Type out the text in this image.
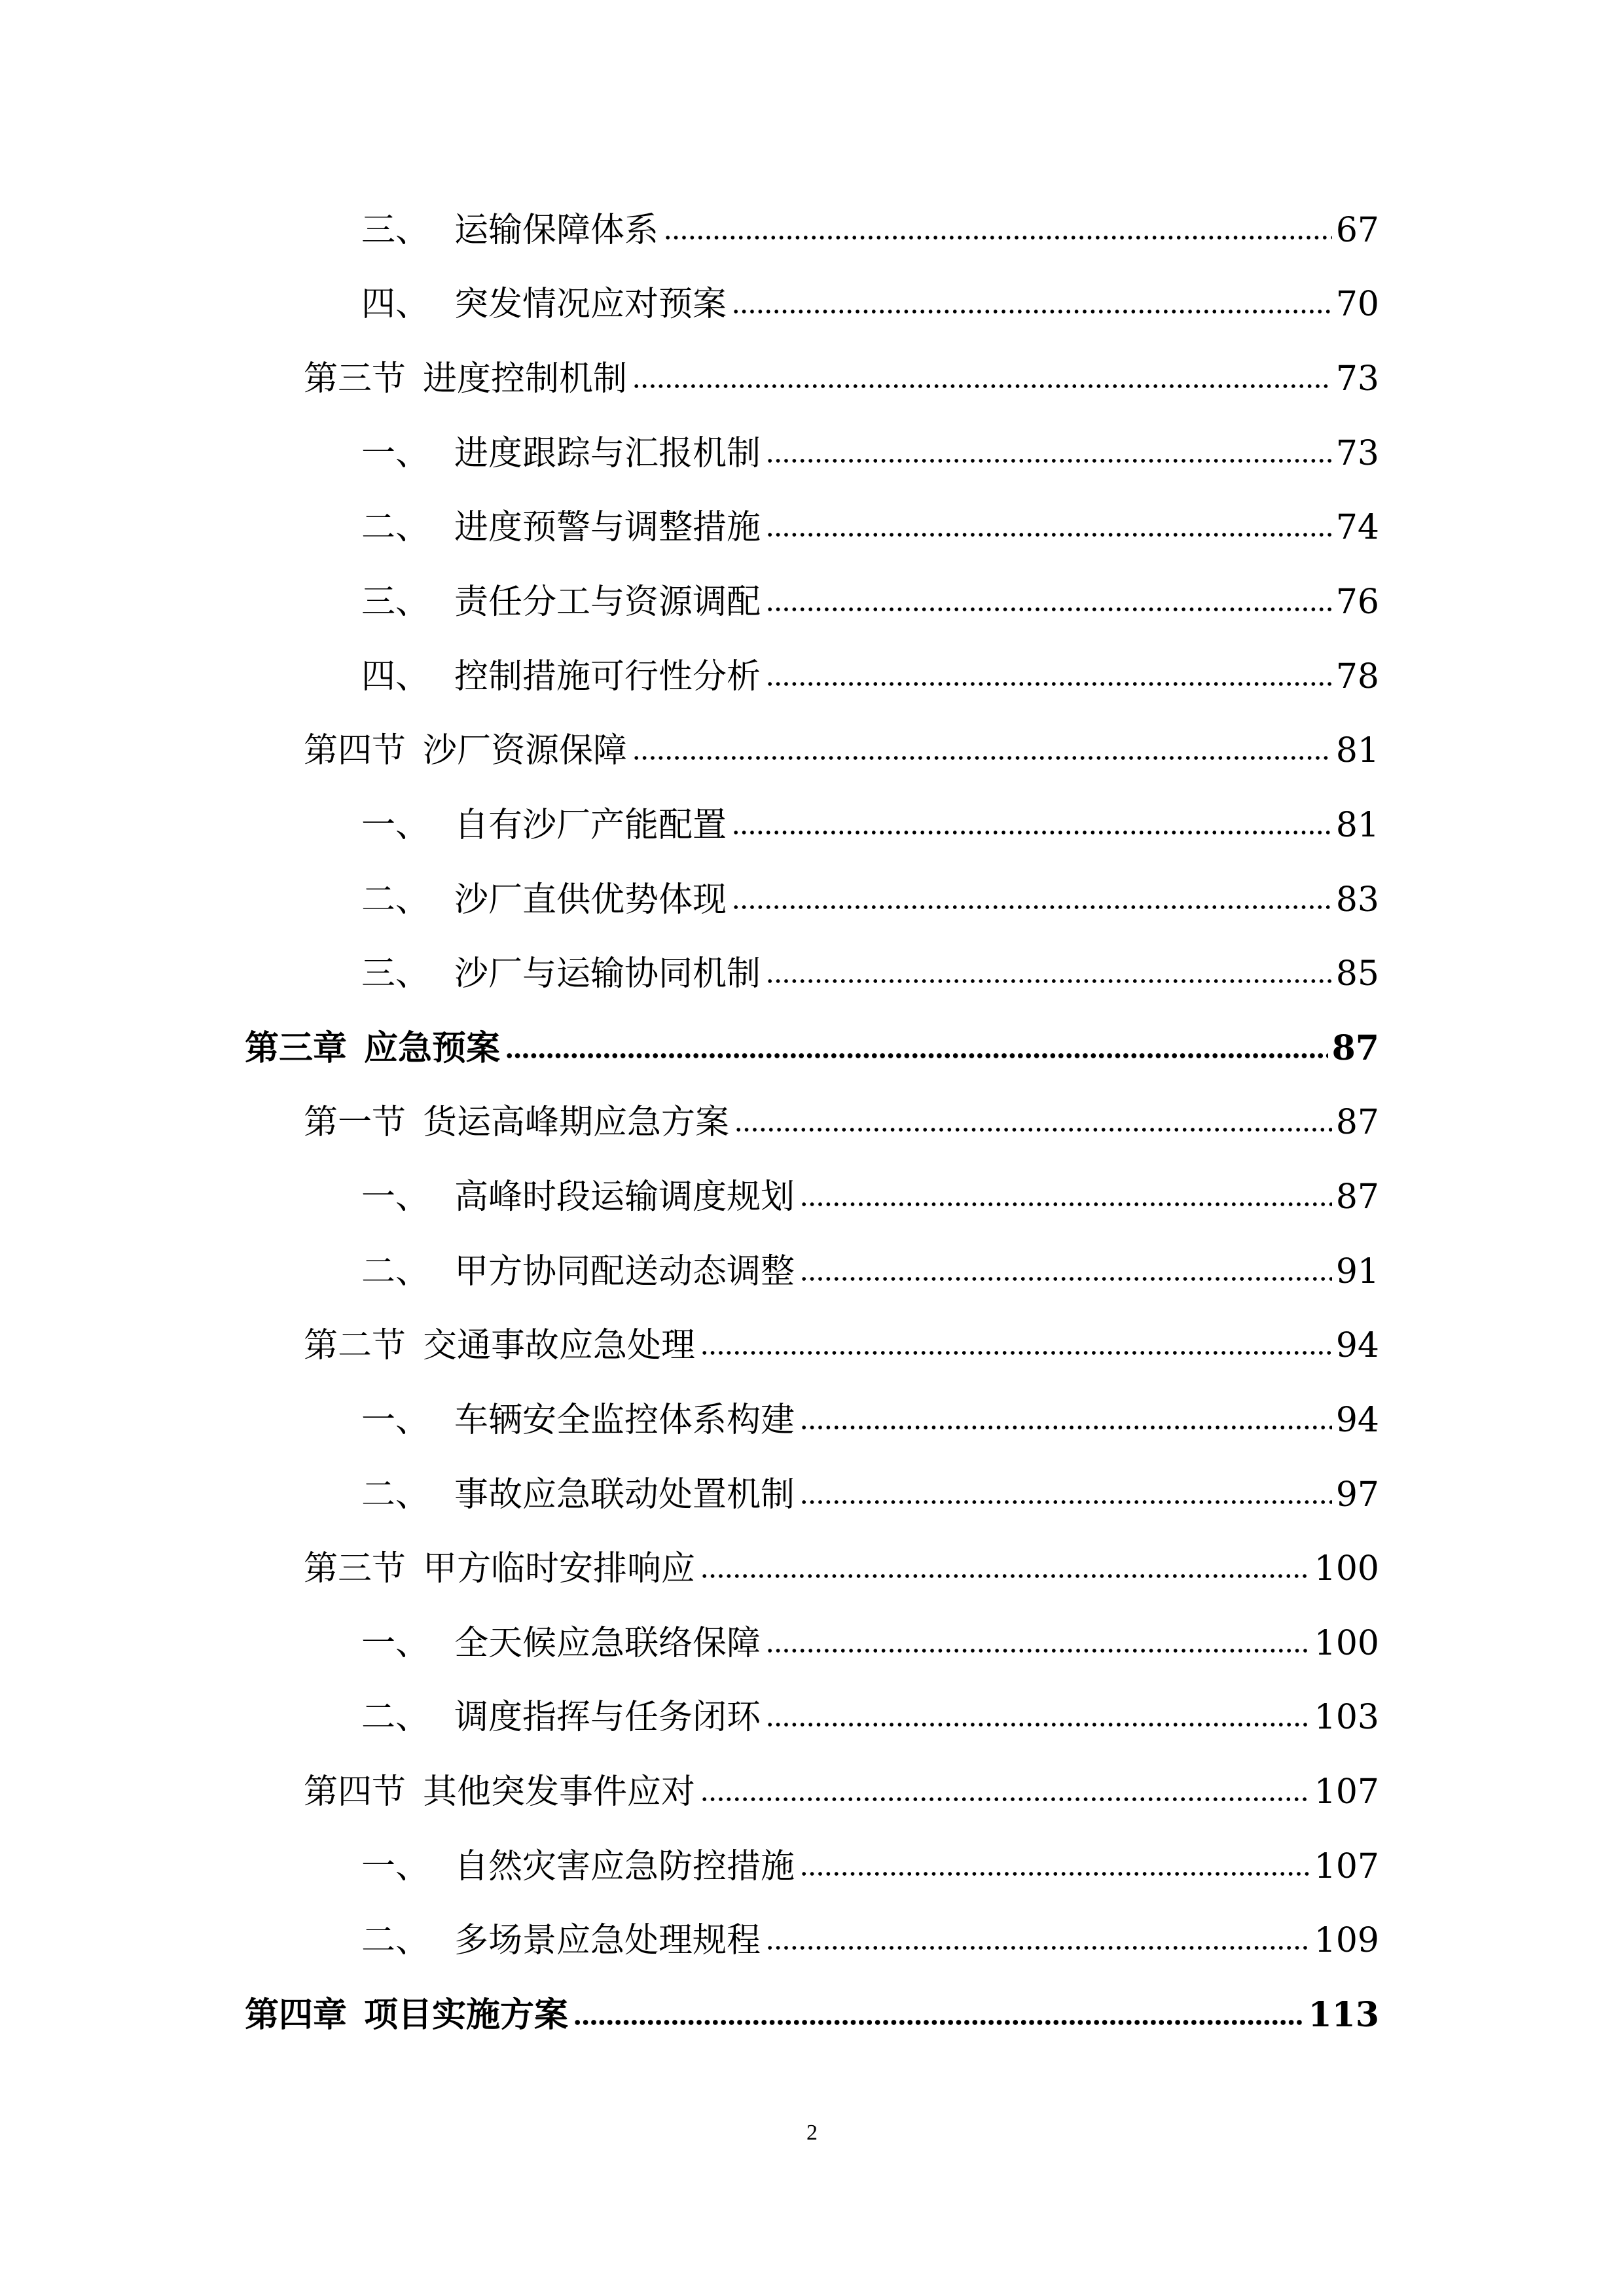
三、 运输保障体系	67
四、 突发情况应对预案	70
第三节 进度控制机制	73
一、 进度跟踪与汇报机制	73
二、 进度预警与调整措施	74
三、 责任分工与资源调配	76
四、 控制措施可行性分析	78
第四节 沙厂资源保障	81
一、 自有沙厂产能配置	81
二、 沙厂直供优势体现	83
三、 沙厂与运输协同机制	85
第三章 应急预案	87
第一节 货运高峰期应急方案	87
一、 高峰时段运输调度规划	87
二、 甲方协同配送动态调整	91
第二节 交通事故应急处理	94
一、 车辆安全监控体系构建	94
二、 事故应急联动处置机制	97
第三节 甲方临时安排响应	100
一、 全天候应急联络保障	100
二、 调度指挥与任务闭环	103
第四节 其他突发事件应对	107
一、 自然灾害应急防控措施	107
二、 多场景应急处理规程	109
第四章 项目实施方案	113
2
